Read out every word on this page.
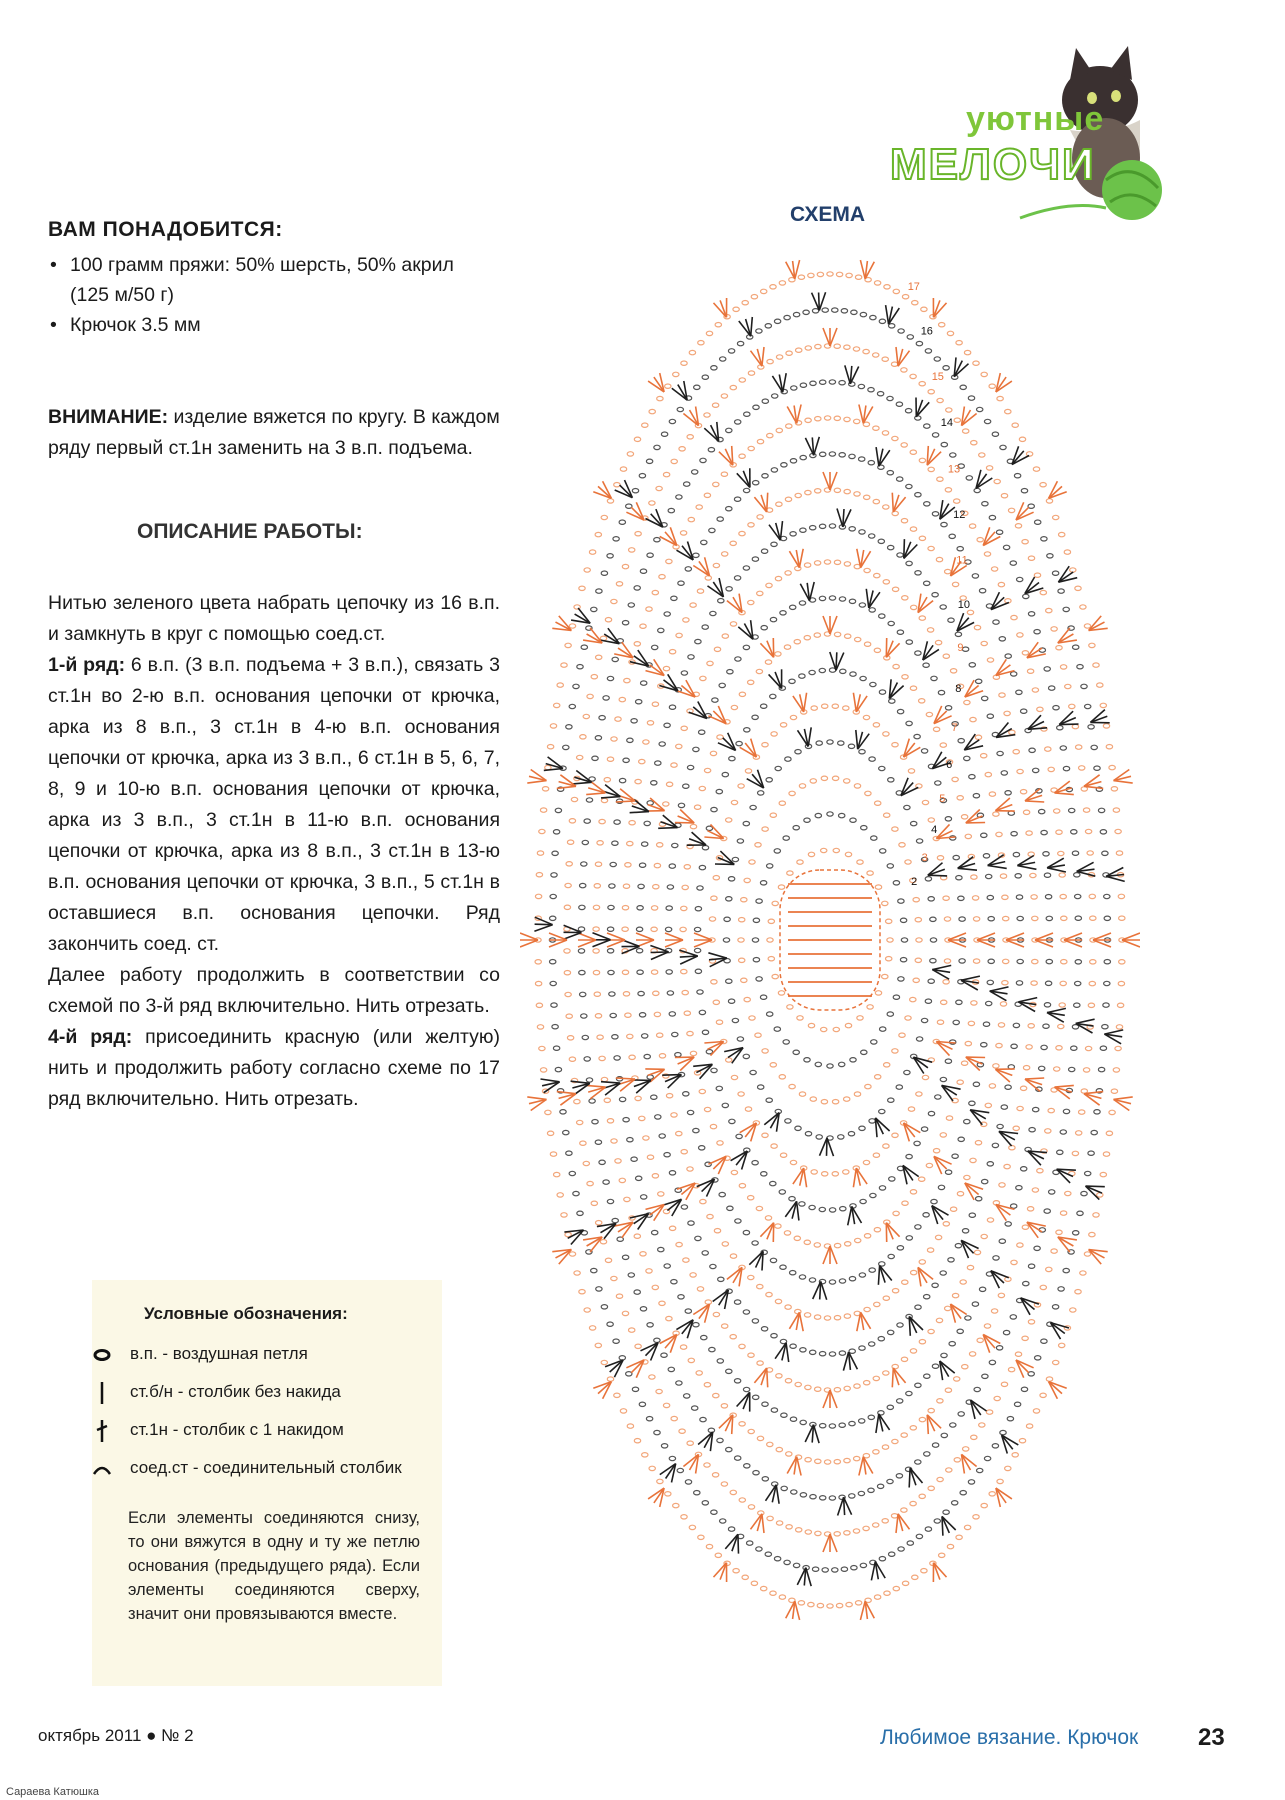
уютные
МЕЛОЧИ
ВАМ ПОНАДОБИТСЯ:
• 100 грамм пряжи: 50% шерсть, 50% акрил (125 м/50 г)
• Крючок 3.5 мм
ВНИМАНИЕ: изделие вяжется по кругу. В каждом ряду первый ст.1н заменить на 3 в.п. подъема.
ОПИСАНИЕ РАБОТЫ:

Нитью зеленого цвета набрать цепочку из 16 в.п. и замкнуть в круг с помощью соед.ст.

1-й ряд: 6 в.п. (3 в.п. подъема + 3 в.п.), связать 3 ст.1н во 2-ю в.п. основания цепочки от крючка, арка из 8 в.п., 3 ст.1н в 4-ю в.п. основания цепочки от крючка, арка из 3 в.п., 6 ст.1н в 5, 6, 7, 8, 9 и 10-ю в.п. основания цепочки от крючка, арка из 3 в.п., 3 ст.1н в 11-ю в.п. основания цепочки от крючка, арка из 8 в.п., 3 ст.1н в 13-ю в.п. основания цепочки от крючка, 3 в.п., 5 ст.1н в оставшиеся в.п. основания цепочки. Ряд закончить соед. ст.

Далее работу продолжить в соответствии со схемой по 3-й ряд включительно. Нить отрезать.

4-й ряд: присоединить красную (или желтую) нить и продолжить работу согласно схеме по 17 ряд включительно. Нить отрезать.

Условные обозначения:
в.п. - воздушная петля
ст.б/н - столбик без накида
ст.1н - столбик с 1 накидом
соед.ст - соединительный столбик
Если элементы соединяются снизу, то они вяжутся в одну и ту же петлю основания (предыдущего ряда). Если элементы соединяются сверху, значит они провязываются вместе.
СХЕМА
17
16
15
14
13
12
11
10
9
8
7
6
5
4
3
2
октябрь 2011 ● № 2	Любимое вязание. Крючок 23
Сараева Катюшка
